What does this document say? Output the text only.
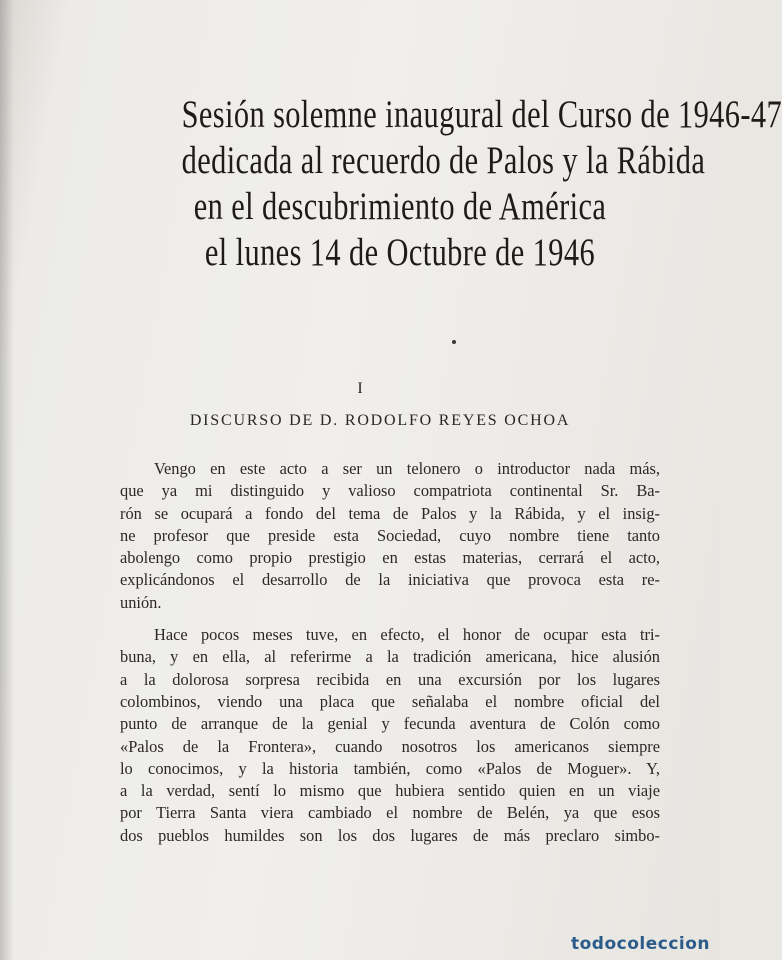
Sesión solemne inaugural del Curso de 1946-47
dedicada al recuerdo de Palos y la Rábida
en el descubrimiento de América
el lunes 14 de Octubre de 1946
I
DISCURSO DE D. RODOLFO REYES OCHOA
Vengo en este acto a ser un telonero o introductor nada más,
que ya mi distinguido y valioso compatriota continental Sr. Ba-
rón se ocupará a fondo del tema de Palos y la Rábida, y el insig-
ne profesor que preside esta Sociedad, cuyo nombre tiene tanto
abolengo como propio prestigio en estas materias, cerrará el acto,
explicándonos el desarrollo de la iniciativa que provoca esta re-
unión.
Hace pocos meses tuve, en efecto, el honor de ocupar esta tri-
buna, y en ella, al referirme a la tradición americana, hice alusión
a la dolorosa sorpresa recibida en una excursión por los lugares
colombinos, viendo una placa que señalaba el nombre oficial del
punto de arranque de la genial y fecunda aventura de Colón como
«Palos de la Frontera», cuando nosotros los americanos siempre
lo conocimos, y la historia también, como «Palos de Moguer». Y,
a la verdad, sentí lo mismo que hubiera sentido quien en un viaje
por Tierra Santa viera cambiado el nombre de Belén, ya que esos
dos pueblos humildes son los dos lugares de más preclaro simbo-
todocoleccion
